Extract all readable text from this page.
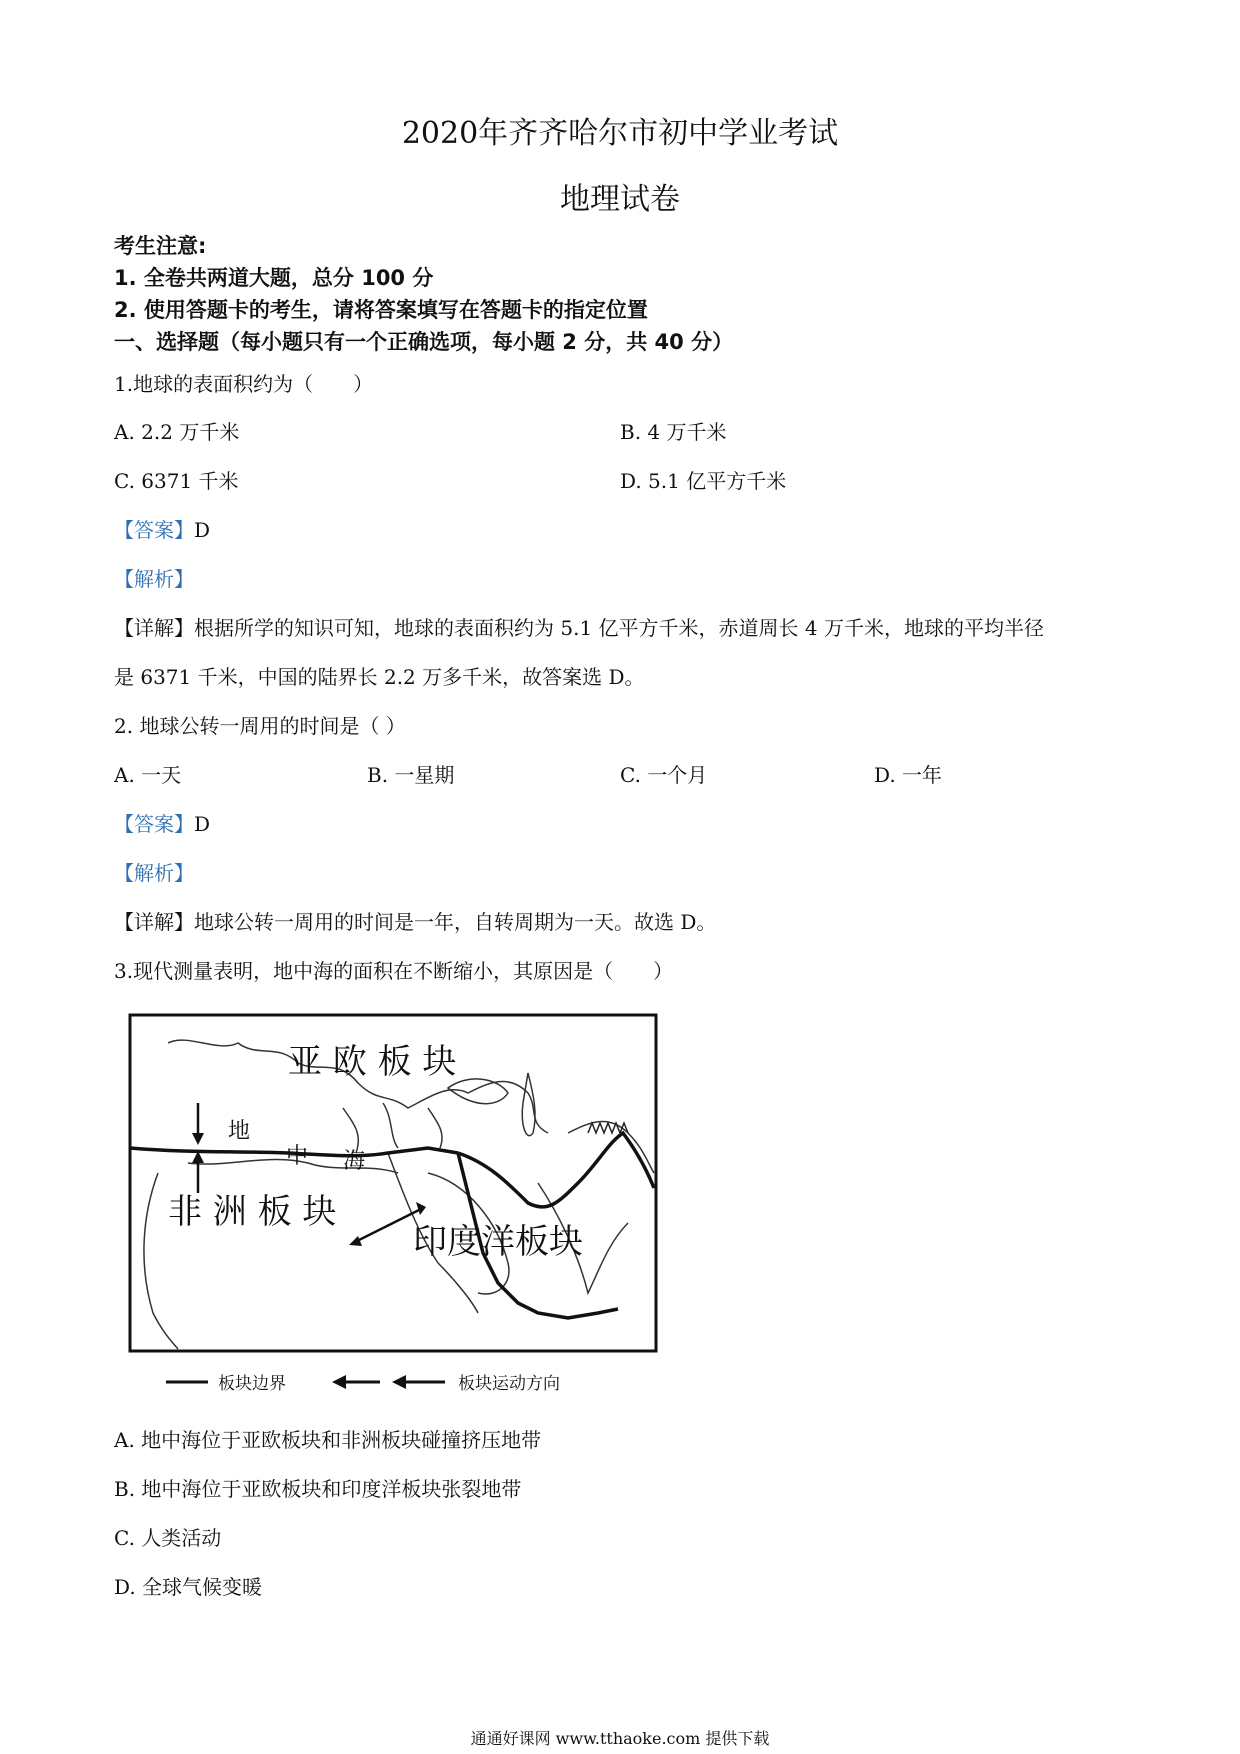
2020年齐齐哈尔市初中学业考试
地理试卷
考生注意:
1. 全卷共两道大题，总分 100 分
2. 使用答题卡的考生，请将答案填写在答题卡的指定位置
一、选择题（每小题只有一个正确选项，每小题 2 分，共 40 分）
1.地球的表面积约为（　　）
A. 2.2 万千米	B. 4 万千米
C. 6371 千米	D. 5.1 亿平方千米
【答案】D
【解析】
【详解】根据所学的知识可知，地球的表面积约为 5.1 亿平方千米，赤道周长 4 万千米，地球的平均半径
是 6371 千米，中国的陆界长 2.2 万多千米，故答案选 D。
2. 地球公转一周用的时间是（ ）
A. 一天	B. 一星期	C. 一个月	D. 一年
【答案】D
【解析】
【详解】地球公转一周用的时间是一年，自转周期为一天。故选 D。
3.现代测量表明，地中海的面积在不断缩小，其原因是（　　）
亚 欧 板 块
非 洲 板 块
印度洋板块
地
中 海
板块边界	板块运动方向
A. 地中海位于亚欧板块和非洲板块碰撞挤压地带
B. 地中海位于亚欧板块和印度洋板块张裂地带
C. 人类活动
D. 全球气候变暖
通通好课网 www.tthaoke.com 提供下载
